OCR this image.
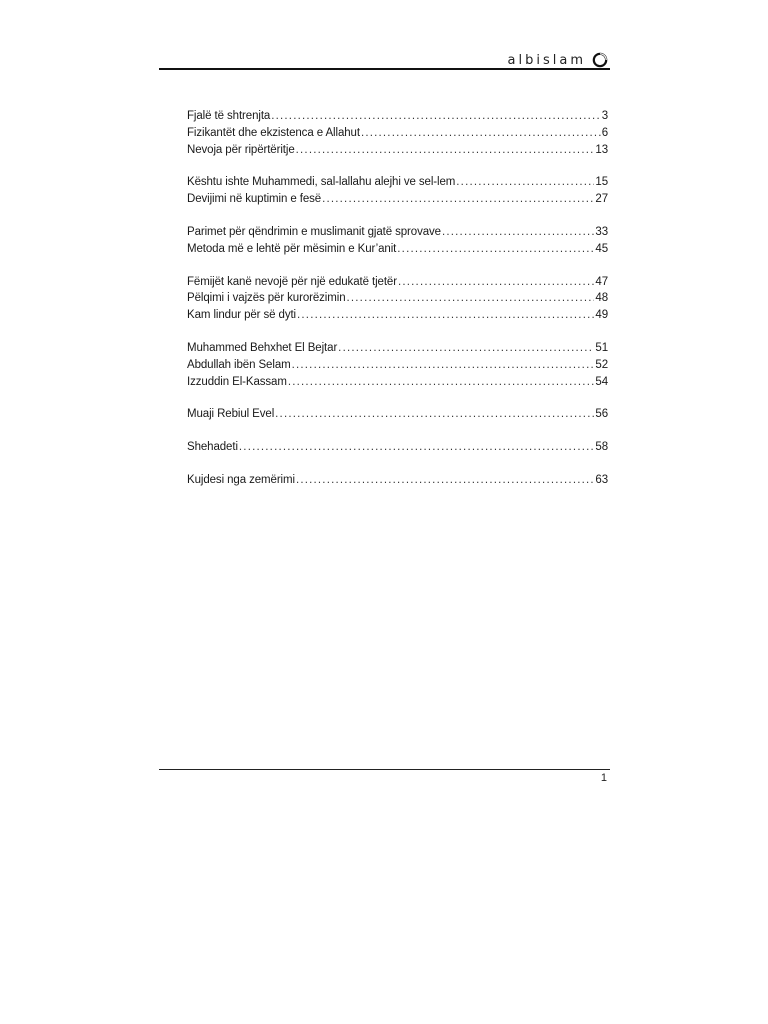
albislam
Fjalë të shtrenjta .....	3
Fizikantët dhe ekzistenca e Allahut .....	6
Nevoja për ripërtëritje .....	13
Kështu ishte Muhammedi, sal-lallahu alejhi ve sel-lem .....	15
Devijimi në kuptimin e fesë .....	27
Parimet për qëndrimin e muslimanit gjatë sprovave .....	33
Metoda më e lehtë për mësimin e Kur’anit .....	45
Fëmijët kanë nevojë për një edukatë tjetër .....	47
Pëlqimi i vajzës për kurorëzimin .....	48
Kam lindur për së dyti .....	49
Muhammed Behxhet El Bejtar .....	51
Abdullah ibën Selam .....	52
Izzuddin El-Kassam .....	54
Muaji Rebiul Evel .....	56
Shehadeti .....	58
Kujdesi nga zemërimi .....	63
1
